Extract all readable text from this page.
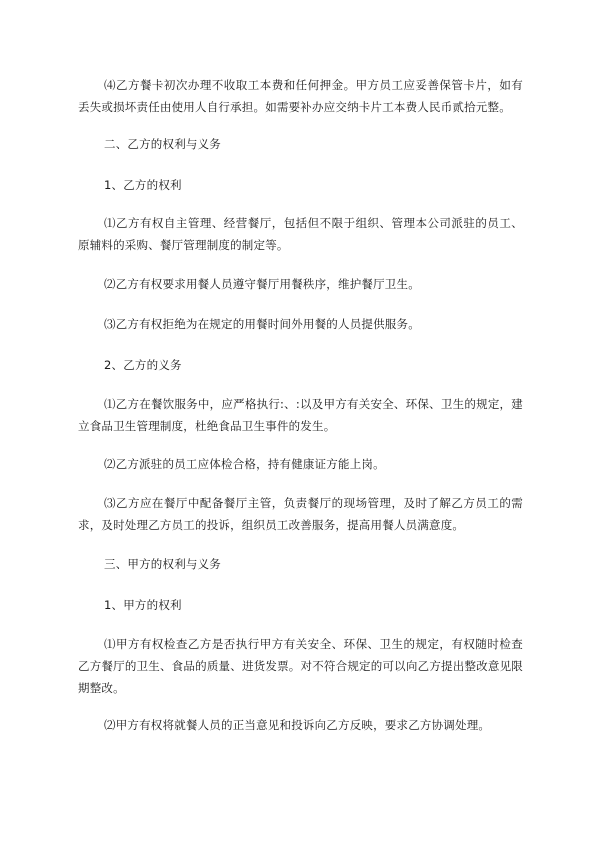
⑷乙方餐卡初次办理不收取工本费和任何押金。甲方员工应妥善保管卡片，如有丢失或损坏责任由使用人自行承担。如需要补办应交纳卡片工本费人民币贰拾元整。

二、乙方的权利与义务

1、乙方的权利

⑴乙方有权自主管理、经营餐厅，包括但不限于组织、管理本公司派驻的员工、原辅料的采购、餐厅管理制度的制定等。

⑵乙方有权要求用餐人员遵守餐厅用餐秩序，维护餐厅卫生。

⑶乙方有权拒绝为在规定的用餐时间外用餐的人员提供服务。

2、乙方的义务

⑴乙方在餐饮服务中，应严格执行:、:以及甲方有关安全、环保、卫生的规定，建立食品卫生管理制度，杜绝食品卫生事件的发生。

⑵乙方派驻的员工应体检合格，持有健康证方能上岗。

⑶乙方应在餐厅中配备餐厅主管，负责餐厅的现场管理，及时了解乙方员工的需求，及时处理乙方员工的投诉，组织员工改善服务，提高用餐人员满意度。

三、甲方的权利与义务

1、甲方的权利

⑴甲方有权检查乙方是否执行甲方有关安全、环保、卫生的规定，有权随时检查乙方餐厅的卫生、食品的质量、进货发票。对不符合规定的可以向乙方提出整改意见限期整改。

⑵甲方有权将就餐人员的正当意见和投诉向乙方反映，要求乙方协调处理。
